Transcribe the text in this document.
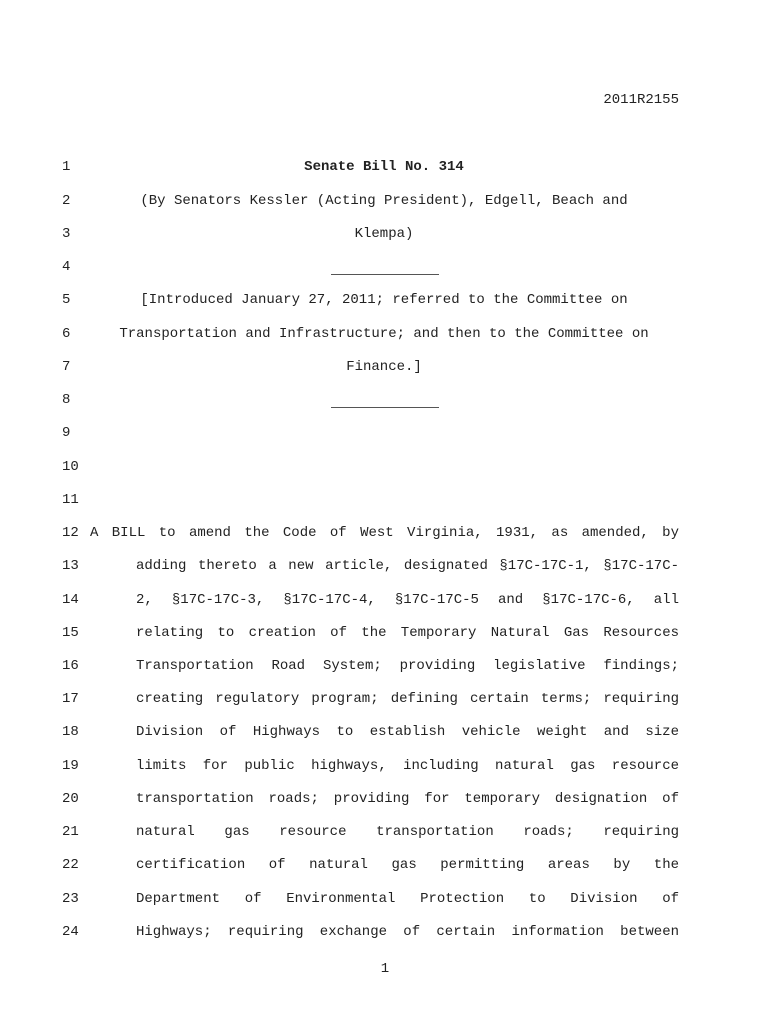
2011R2155
1
2
3
4
5
6
7
8
9
10
11
12
13
14
15
16
17
18
19
20
21
22
23
24
Senate Bill No. 314
(By Senators Kessler (Acting President), Edgell, Beach and
Klempa)
[Introduced January 27, 2011; referred to the Committee on
Transportation and Infrastructure; and then to the Committee on
Finance.]
A BILL to amend the Code of West Virginia, 1931, as amended, by
adding thereto a new article, designated §17C-17C-1, §17C-17C-
2, §17C-17C-3, §17C-17C-4, §17C-17C-5 and §17C-17C-6, all
relating to creation of the Temporary Natural Gas Resources
Transportation Road System; providing legislative findings;
creating regulatory program; defining certain terms; requiring
Division of Highways to establish vehicle weight and size
limits for public highways, including natural gas resource
transportation roads; providing for temporary designation of
natural gas resource transportation roads; requiring
certification of natural gas permitting areas by the
Department of Environmental Protection to Division of
Highways; requiring exchange of certain information between
1
